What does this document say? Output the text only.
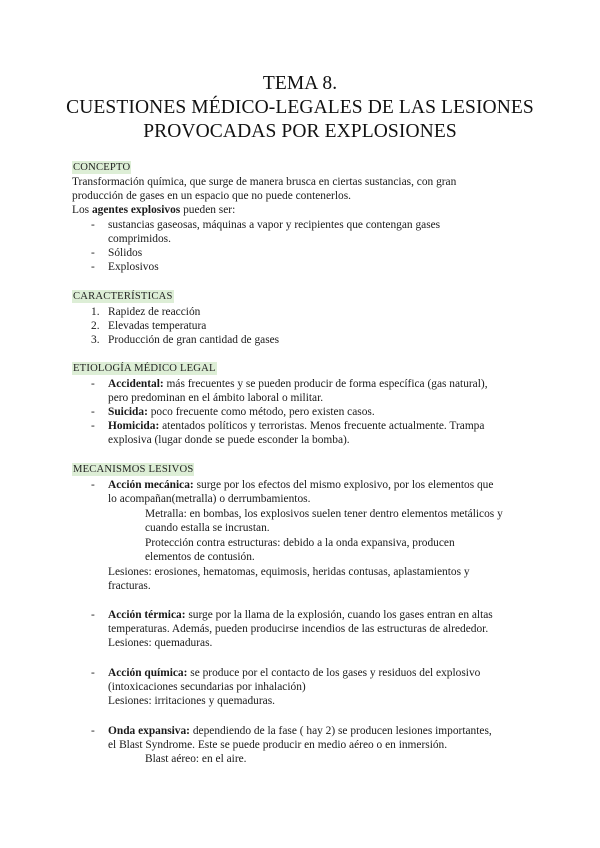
TEMA 8.
CUESTIONES MÉDICO-LEGALES DE LAS LESIONES
PROVOCADAS POR EXPLOSIONES
CONCEPTO
Transformación química, que surge de manera brusca en ciertas sustancias, con gran
producción de gases en un espacio que no puede contenerlos.
Los agentes explosivos pueden ser:
- sustancias gaseosas, máquinas a vapor y recipientes que contengan gases
comprimidos.
- Sólidos
- Explosivos
CARACTERÍSTICAS
1. Rapidez de reacción
2. Elevadas temperatura
3. Producción de gran cantidad de gases
ETIOLOGÍA MÉDICO LEGAL
- Accidental: más frecuentes y se pueden producir de forma específica (gas natural),
pero predominan en el ámbito laboral o militar.
- Suicida: poco frecuente como método, pero existen casos.
- Homicida: atentados políticos y terroristas. Menos frecuente actualmente. Trampa
explosiva (lugar donde se puede esconder la bomba).
MECANISMOS LESIVOS
- Acción mecánica: surge por los efectos del mismo explosivo, por los elementos que
lo acompañan(metralla) o derrumbamientos.
Metralla: en bombas, los explosivos suelen tener dentro elementos metálicos y
cuando estalla se incrustan.
Protección contra estructuras: debido a la onda expansiva, producen
elementos de contusión.
Lesiones: erosiones, hematomas, equimosis, heridas contusas, aplastamientos y
fracturas.
- Acción térmica: surge por la llama de la explosión, cuando los gases entran en altas
temperaturas. Además, pueden producirse incendios de las estructuras de alrededor.
Lesiones: quemaduras.
- Acción química: se produce por el contacto de los gases y residuos del explosivo
(intoxicaciones secundarias por inhalación)
Lesiones: irritaciones y quemaduras.
- Onda expansiva: dependiendo de la fase ( hay 2) se producen lesiones importantes,
el Blast Syndrome. Este se puede producir en medio aéreo o en inmersión.
Blast aéreo: en el aire.
